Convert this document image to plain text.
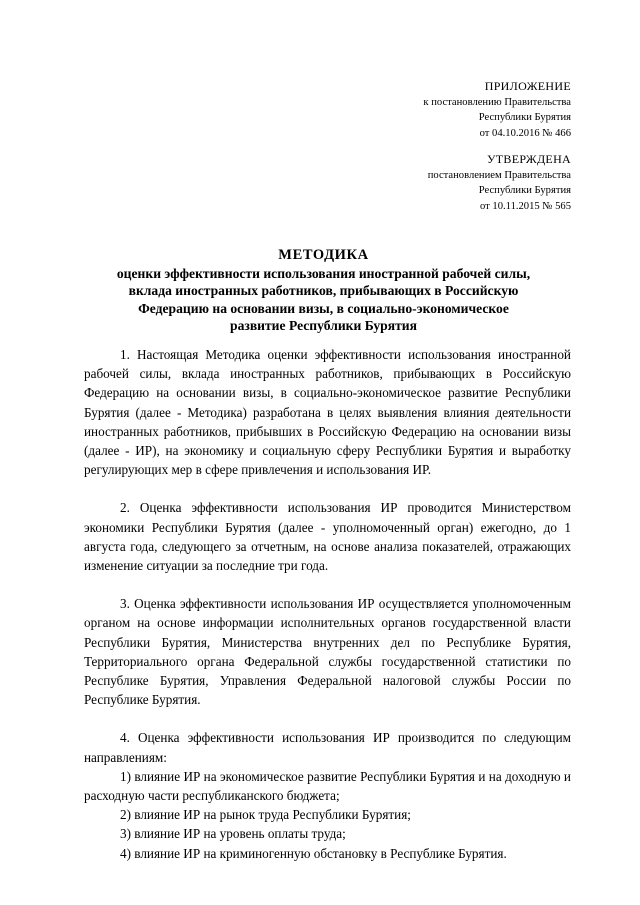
ПРИЛОЖЕНИЕ
к постановлению Правительства
Республики Бурятия
от 04.10.2016 № 466
УТВЕРЖДЕНА
постановлением Правительства
Республики Бурятия
от 10.11.2015 № 565
МЕТОДИКА
оценки эффективности использования иностранной рабочей силы,
вклада иностранных работников, прибывающих в Российскую
Федерацию на основании визы, в социально-экономическое
развитие Республики Бурятия

1. Настоящая Методика оценки эффективности использования иностранной рабочей силы, вклада иностранных работников, прибывающих в Российскую Федерацию на основании визы, в социально-экономическое развитие Республики Бурятия (далее - Методика) разработана в целях выявления влияния деятельности иностранных работников, прибывших в Российскую Федерацию на основании визы (далее - ИР), на экономику и социальную сферу Республики Бурятия и выработку регулирующих мер в сфере привлечения и использования ИР.

2. Оценка эффективности использования ИР проводится Министерством экономики Республики Бурятия (далее - уполномоченный орган) ежегодно, до 1 августа года, следующего за отчетным, на основе анализа показателей, отражающих изменение ситуации за последние три года.

3. Оценка эффективности использования ИР осуществляется уполномоченным органом на основе информации исполнительных органов государственной власти Республики Бурятия, Министерства внутренних дел по Республике Бурятия, Территориального органа Федеральной службы государственной статистики по Республике Бурятия, Управления Федеральной налоговой службы России по Республике Бурятия.

4. Оценка эффективности использования ИР производится по следующим направлениям:

1) влияние ИР на экономическое развитие Республики Бурятия и на доходную и расходную части республиканского бюджета;

2) влияние ИР на рынок труда Республики Бурятия;

3) влияние ИР на уровень оплаты труда;

4) влияние ИР на криминогенную обстановку в Республике Бурятия.
